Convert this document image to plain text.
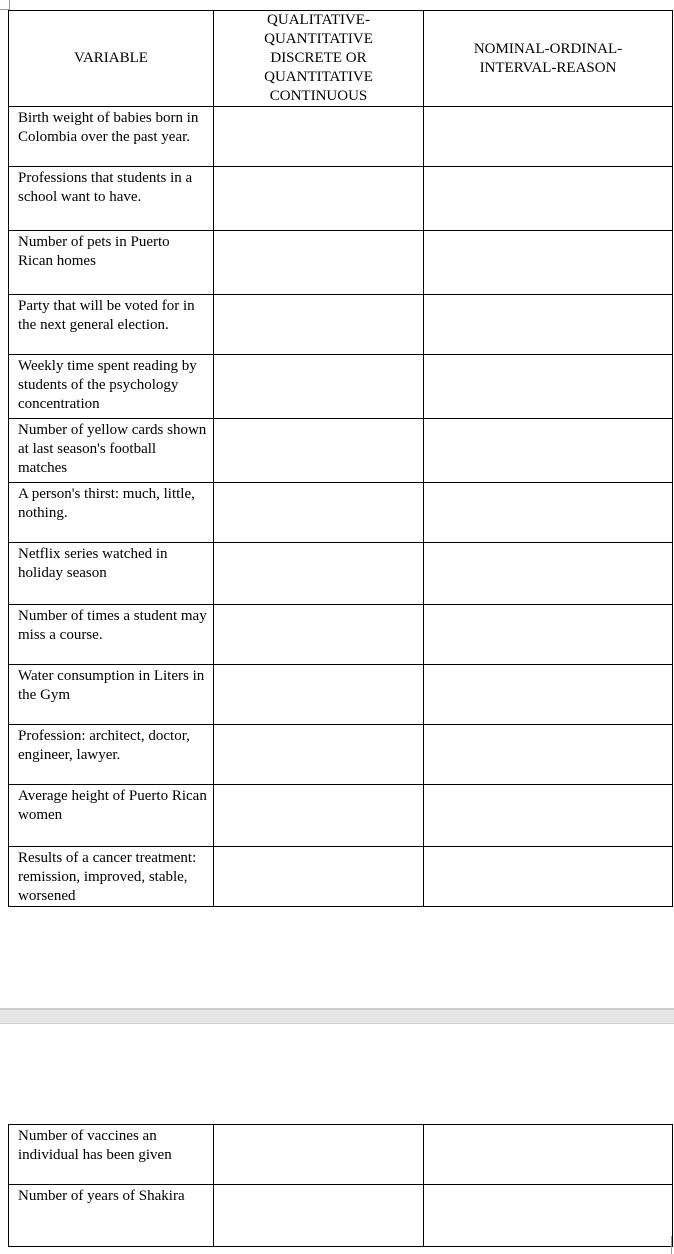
VARIABLE	QUALITATIVE-QUANTITATIVE DISCRETE OR QUANTITATIVE CONTINUOUS	NOMINAL-ORDINAL-INTERVAL-REASON
Birth weight of babies born in Colombia over the past year.		
Professions that students in a school want to have.		
Number of pets in Puerto Rican homes		
Party that will be voted for in the next general election.		
Weekly time spent reading by students of the psychology concentration		
Number of yellow cards shown at last season's football matches		
A person's thirst: much, little, nothing.		
Netflix series watched in holiday season		
Number of times a student may miss a course.		
Water consumption in Liters in the Gym		
Profession: architect, doctor, engineer, lawyer.		
Average height of Puerto Rican women		
Results of a cancer treatment: remission, improved, stable, worsened		
Number of vaccines an individual has been given		
Number of years of Shakira		
